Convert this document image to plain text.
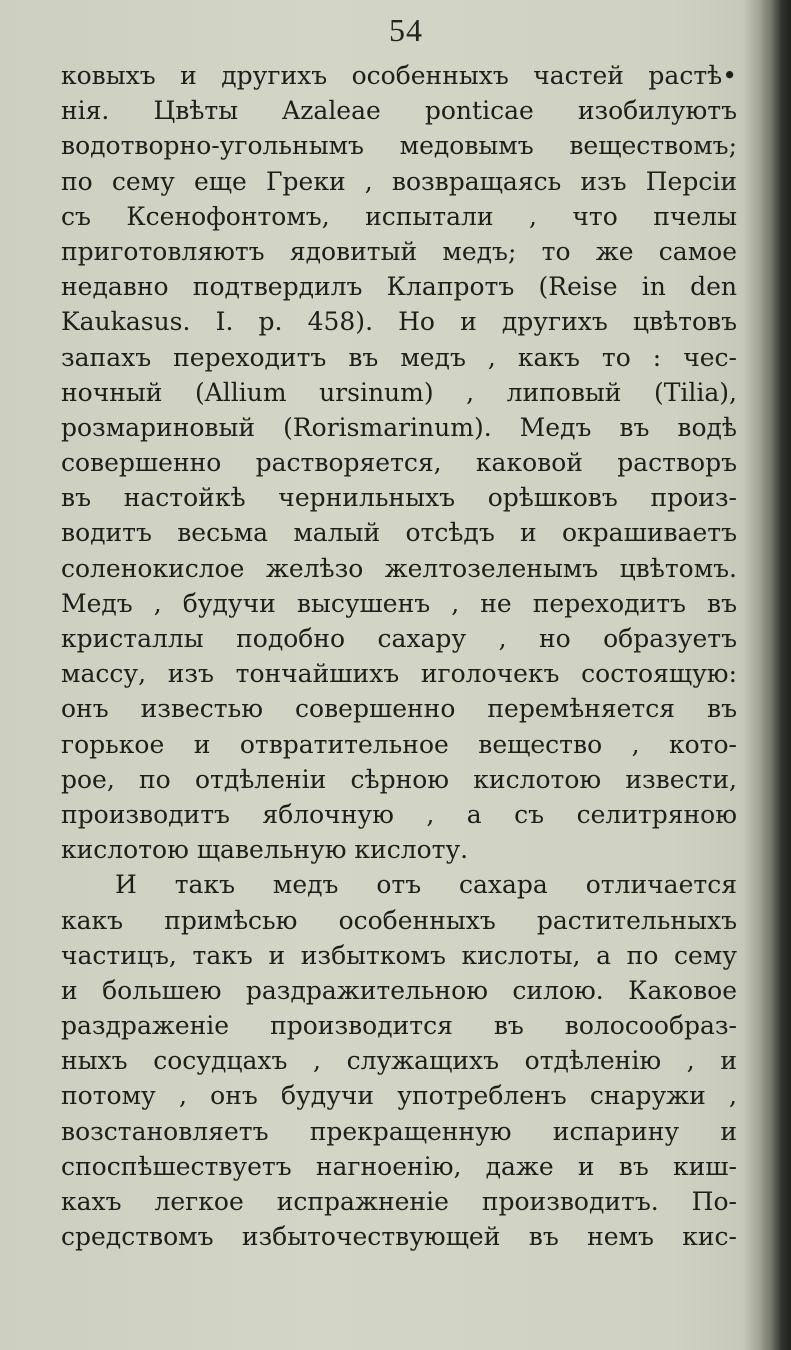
54
ковыхъ и другихъ особенныхъ частей растѣ•
нія. Цвѣты Azaleae ponticae изобилуютъ
водотворно-угольнымъ медовымъ веществомъ;
по сему еще Греки , возвращаясь изъ Персіи
съ Ксенофонтомъ, испытали , что пчелы
приготовляютъ ядовитый медъ; то же самое
недавно подтвердилъ Клапротъ (Reise in den
Kaukasus. I. p. 458). Но и другихъ цвѣтовъ
запахъ переходитъ въ медъ , какъ то : чес-
ночный (Allium ursinum) , липовый (Tilia),
розмариновый (Rorismarinum). Медъ въ водѣ
совершенно растворяется, каковой растворъ
въ настойкѣ чернильныхъ орѣшковъ произ-
водитъ весьма малый отсѣдъ и окрашиваетъ
соленокислое желѣзо желтозеленымъ цвѣтомъ.
Медъ , будучи высушенъ , не переходитъ въ
кристаллы подобно сахару , но образуетъ
массу, изъ тончайшихъ иголочекъ состоящую:
онъ известью совершенно перемѣняется въ
горькое и отвратительное вещество , кото-
рое, по отдѣленіи сѣрною кислотою извести,
производитъ яблочную , а съ селитряною
кислотою щавельную кислоту.
И такъ медъ отъ сахара отличается
какъ примѣсью особенныхъ растительныхъ
частицъ, такъ и избыткомъ кислоты, а по сему
и большею раздражительною силою. Каковое
раздраженіе производится въ волосообраз-
ныхъ сосудцахъ , служащихъ отдѣленію , и
потому , онъ будучи употребленъ снаружи ,
возстановляетъ прекращенную испарину и
споспѣшествуетъ нагноенію, даже и въ киш-
кахъ легкое испражненіе производитъ. По-
средствомъ избыточествующей въ немъ кис-
